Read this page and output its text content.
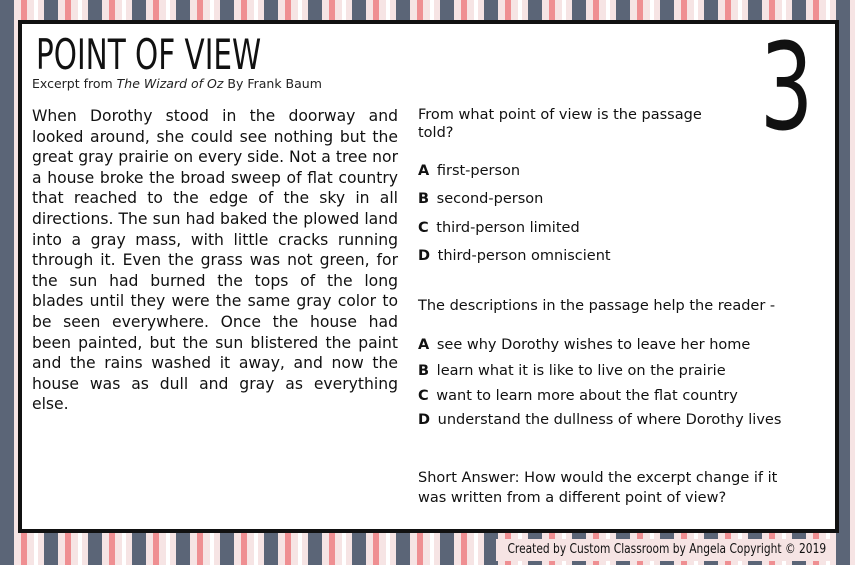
POINT OF VIEW
Excerpt from The Wizard of Oz By Frank Baum	3

When Dorothy stood in the doorway and looked around, she could see nothing but the great gray prairie on every side. Not a tree nor a house broke the broad sweep of flat country that reached to the edge of the sky in all directions. The sun had baked the plowed land into a gray mass, with little cracks running through it. Even the grass was not green, for the sun had burned the tops of the long blades until they were the same gray color to be seen everywhere. Once the house had been painted, but the sun blistered the paint and the rains washed it away, and now the house was as dull and gray as everything else.

From what point of view is the passage told?

A first-person
B second-person
C third-person limited
D third-person omniscient

The descriptions in the passage help the reader -

A see why Dorothy wishes to leave her home
B learn what it is like to live on the prairie
C want to learn more about the flat country
D understand the dullness of where Dorothy lives

Short Answer: How would the excerpt change if it was written from a different point of view?

Created by Custom Classroom by Angela Copyright © 2019
